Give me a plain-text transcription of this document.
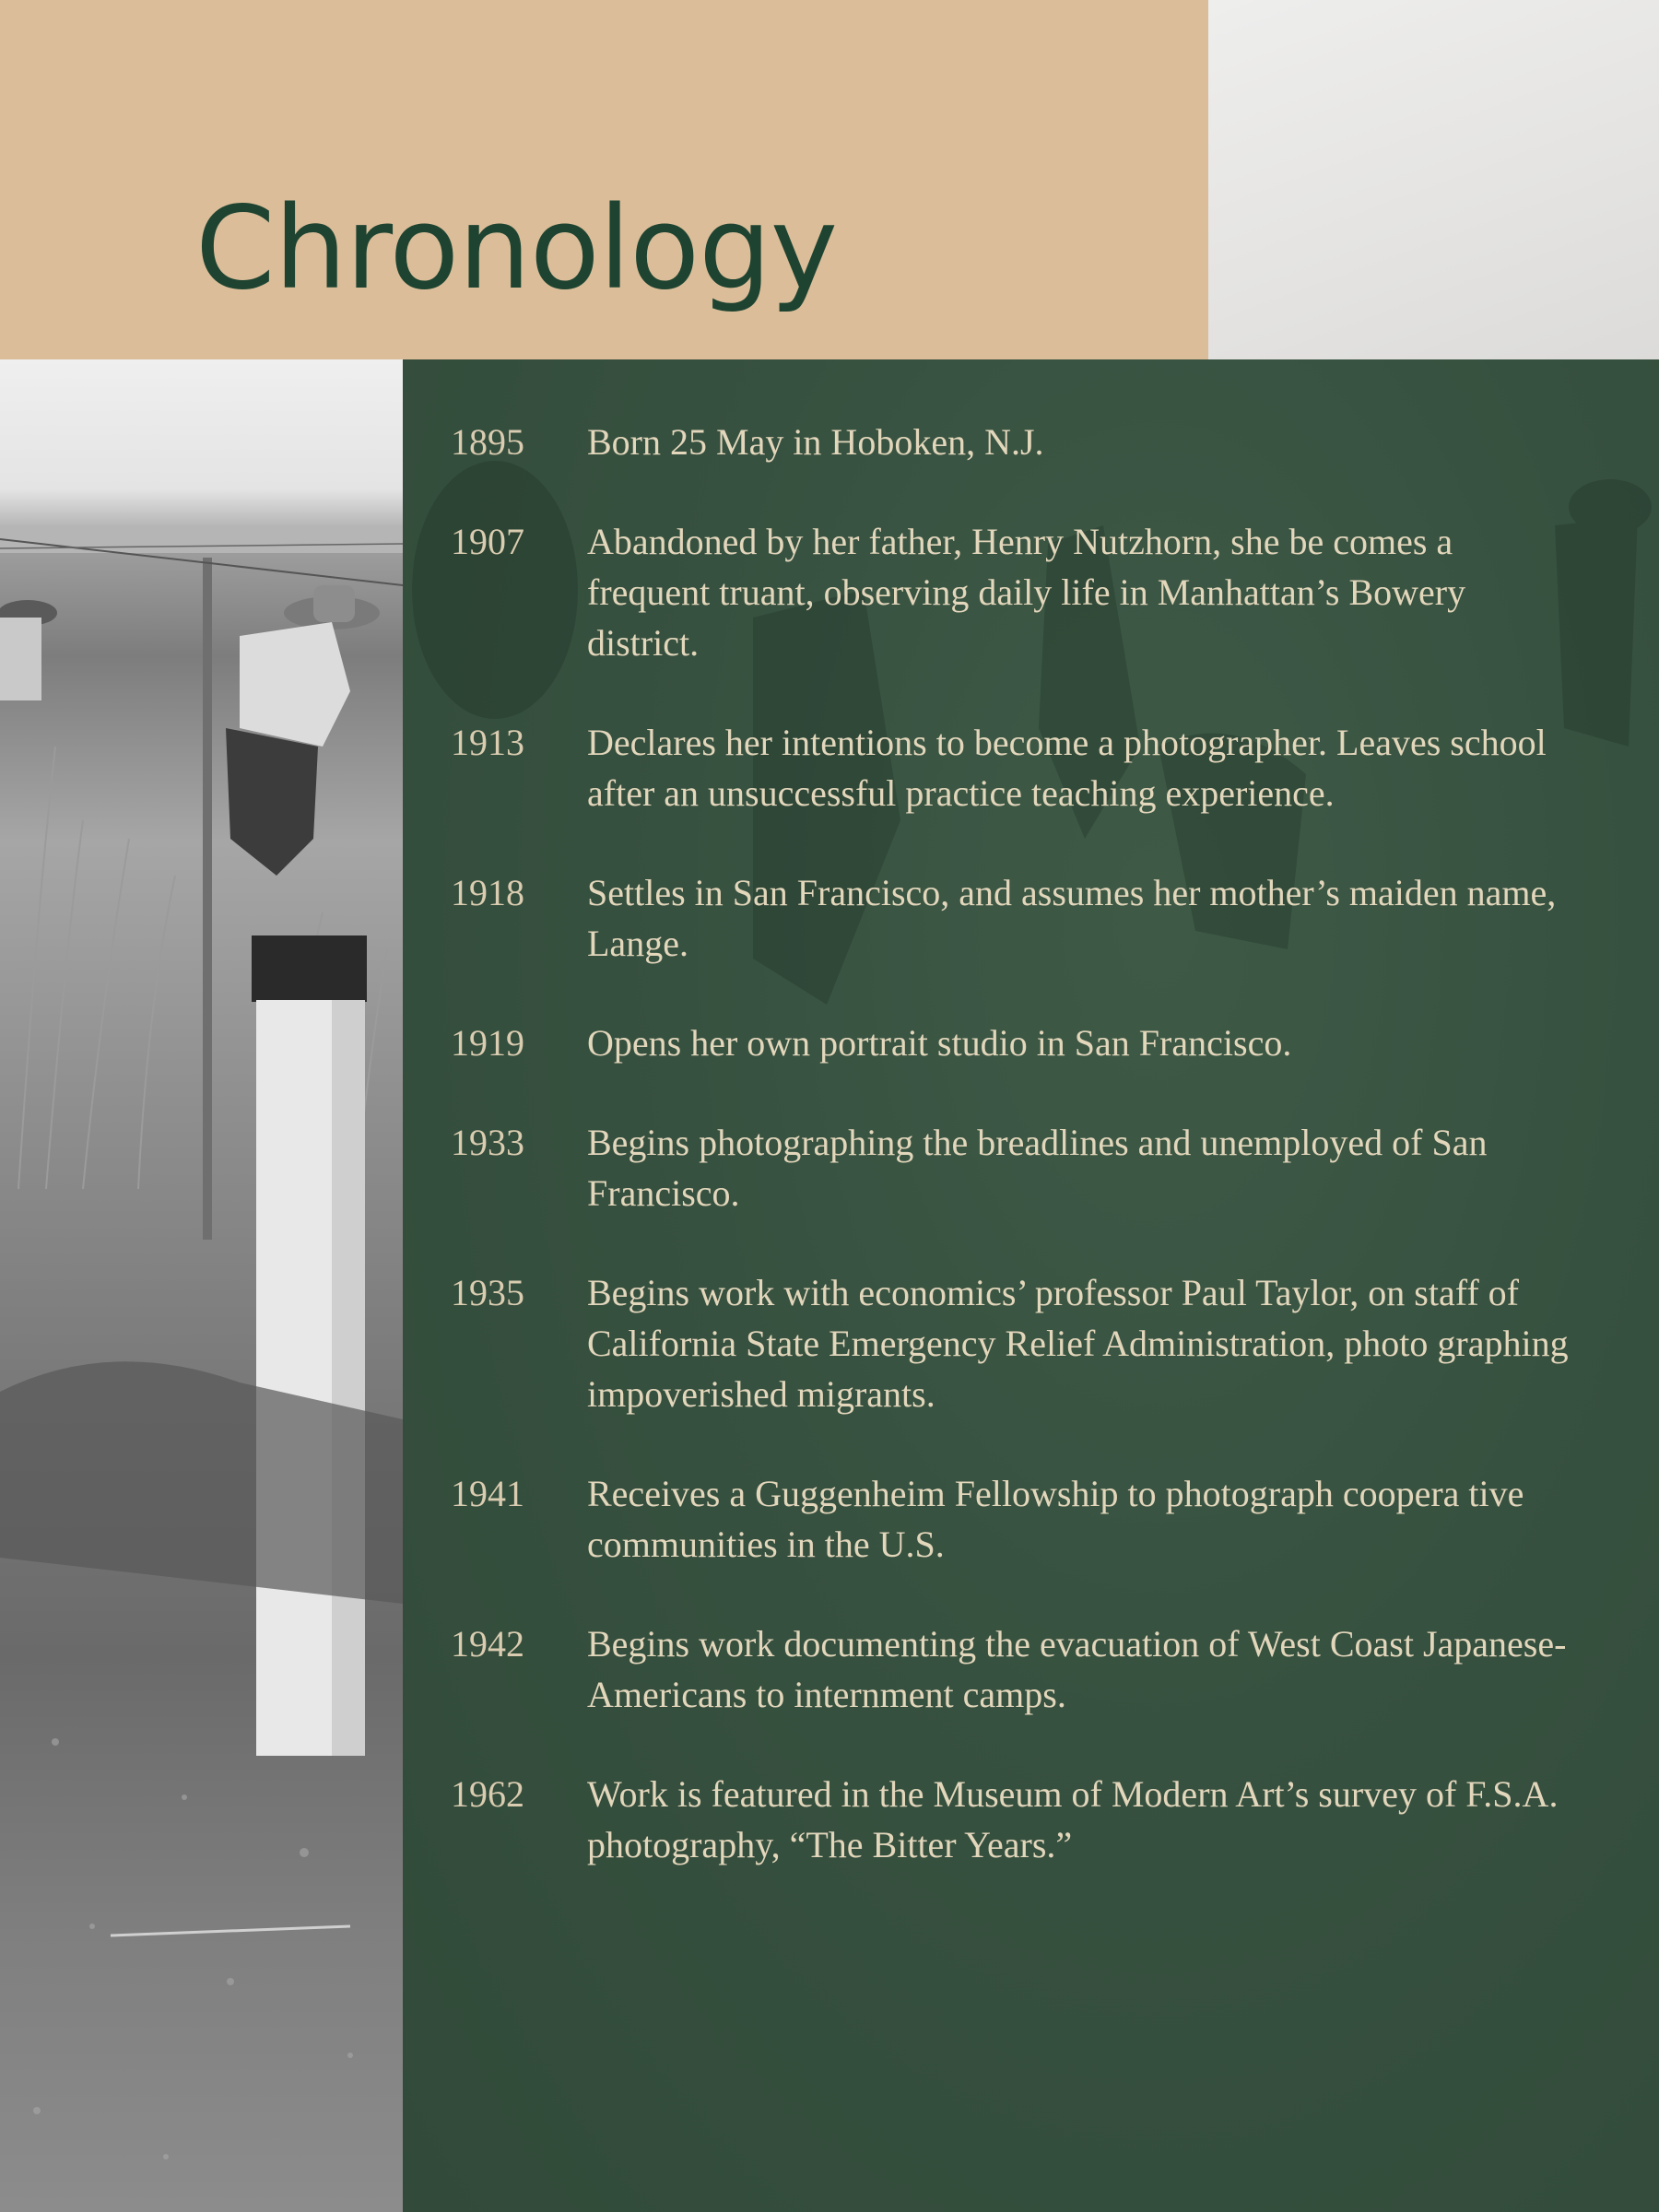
Chronology
1895	Born 25 May in Hoboken, N.J.
1907	Abandoned by her father, Henry Nutzhorn, she be comes a frequent truant, observing daily life in Manhattan’s Bowery district.
1913	Declares her intentions to become a photographer. Leaves school after an unsuccessful practice teaching experience.
1918	Settles in San Francisco, and assumes her mother’s maiden name, Lange.
1919	Opens her own portrait studio in San Francisco.
1933	Begins photographing the breadlines and unemployed of San Francisco.
1935	Begins work with economics’ professor Paul Taylor, on staff of California State Emergency Relief Administration, photo graphing impoverished migrants.
1941	Receives a Guggenheim Fellowship to photograph coopera tive communities in the U.S.
1942	Begins work documenting the evacuation of West Coast Japanese-Americans to internment camps.
1962	Work is featured in the Museum of Modern Art’s survey of F.S.A. photography, “The Bitter Years.”
